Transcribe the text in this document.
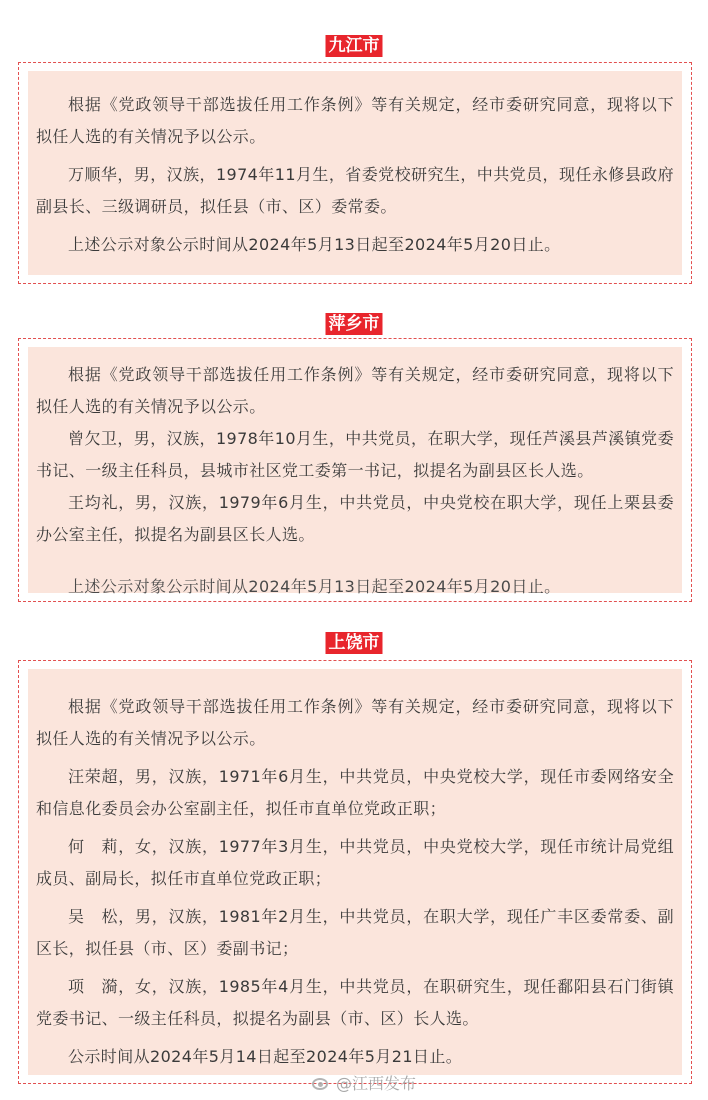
九江市

根据《党政领导干部选拔任用工作条例》等有关规定，经市委研究同意，现将以下拟任人选的有关情况予以公示。

万顺华，男，汉族，1974年11月生，省委党校研究生，中共党员，现任永修县政府副县长、三级调研员，拟任县（市、区）委常委。

上述公示对象公示时间从2024年5月13日起至2024年5月20日止。

萍乡市

根据《党政领导干部选拔任用工作条例》等有关规定，经市委研究同意，现将以下拟任人选的有关情况予以公示。

曾欠卫，男，汉族，1978年10月生，中共党员，在职大学，现任芦溪县芦溪镇党委书记、一级主任科员，县城市社区党工委第一书记，拟提名为副县区长人选。

王均礼，男，汉族，1979年6月生，中共党员，中央党校在职大学，现任上栗县委办公室主任，拟提名为副县区长人选。

上述公示对象公示时间从2024年5月13日起至2024年5月20日止。

上饶市

根据《党政领导干部选拔任用工作条例》等有关规定，经市委研究同意，现将以下拟任人选的有关情况予以公示。

汪荣超，男，汉族，1971年6月生，中共党员，中央党校大学，现任市委网络安全和信息化委员会办公室副主任，拟任市直单位党政正职；

何　莉，女，汉族，1977年3月生，中共党员，中央党校大学，现任市统计局党组成员、副局长，拟任市直单位党政正职；

吴　松，男，汉族，1981年2月生，中共党员，在职大学，现任广丰区委常委、副区长，拟任县（市、区）委副书记；

项　漪，女，汉族，1985年4月生，中共党员，在职研究生，现任鄱阳县石门街镇党委书记、一级主任科员，拟提名为副县（市、区）长人选。

公示时间从2024年5月14日起至2024年5月21日止。

@江西发布
